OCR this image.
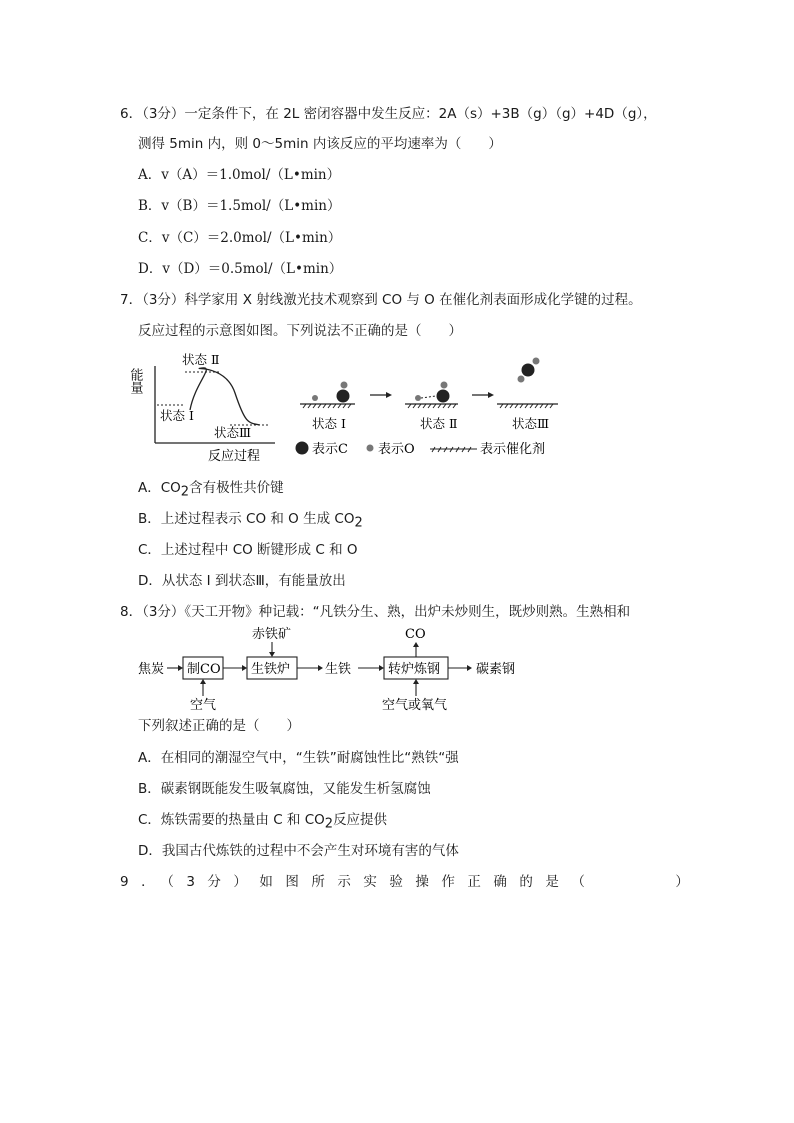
6．（3分）一定条件下，在 2L 密闭容器中发生反应：2A（s）+3B（g）（g）+4D（g），
测得 5min 内，则 0～5min 内该反应的平均速率为（　　）
A．v（A）＝1.0mol/（L•min）
B．v（B）＝1.5mol/（L•min）
C．v（C）＝2.0mol/（L•min）
D．v（D）＝0.5mol/（L•min）
7．（3分）科学家用 X 射线激光技术观察到 CO 与 O 在催化剂表面形成化学键的过程。
反应过程的示意图如图。下列说法不正确的是（　　）
能量
状态 Ⅱ
状态 I
状态Ⅲ
反应过程
状态 I	状态 Ⅱ	状态Ⅲ
表示C 表示O	表示催化剂
A．$CO_2$含有极性共价键
B．上述过程表示 CO 和 O 生成 $CO_2$
C．上述过程中 CO 断键形成 C 和 O
D．从状态 I 到状态Ⅲ，有能量放出
8．（3分）《天工开物》种记载：“凡铁分生、熟，出炉未炒则生，既炒则熟。生熟相和
焦炭 制CO
空气
生铁炉
赤铁矿
生铁	转炉炼钢
CO
空气或氧气
碳素钢
下列叙述正确的是（　　）
A．在相同的潮湿空气中，“生铁”耐腐蚀性比“熟铁“强
B．碳素钢既能发生吸氧腐蚀，又能发生析氢腐蚀
C．炼铁需要的热量由 C 和 $CO_2$反应提供
D．我国古代炼铁的过程中不会产生对环境有害的气体
9．（3分）如图所示实验操作正确的是（　　　）
